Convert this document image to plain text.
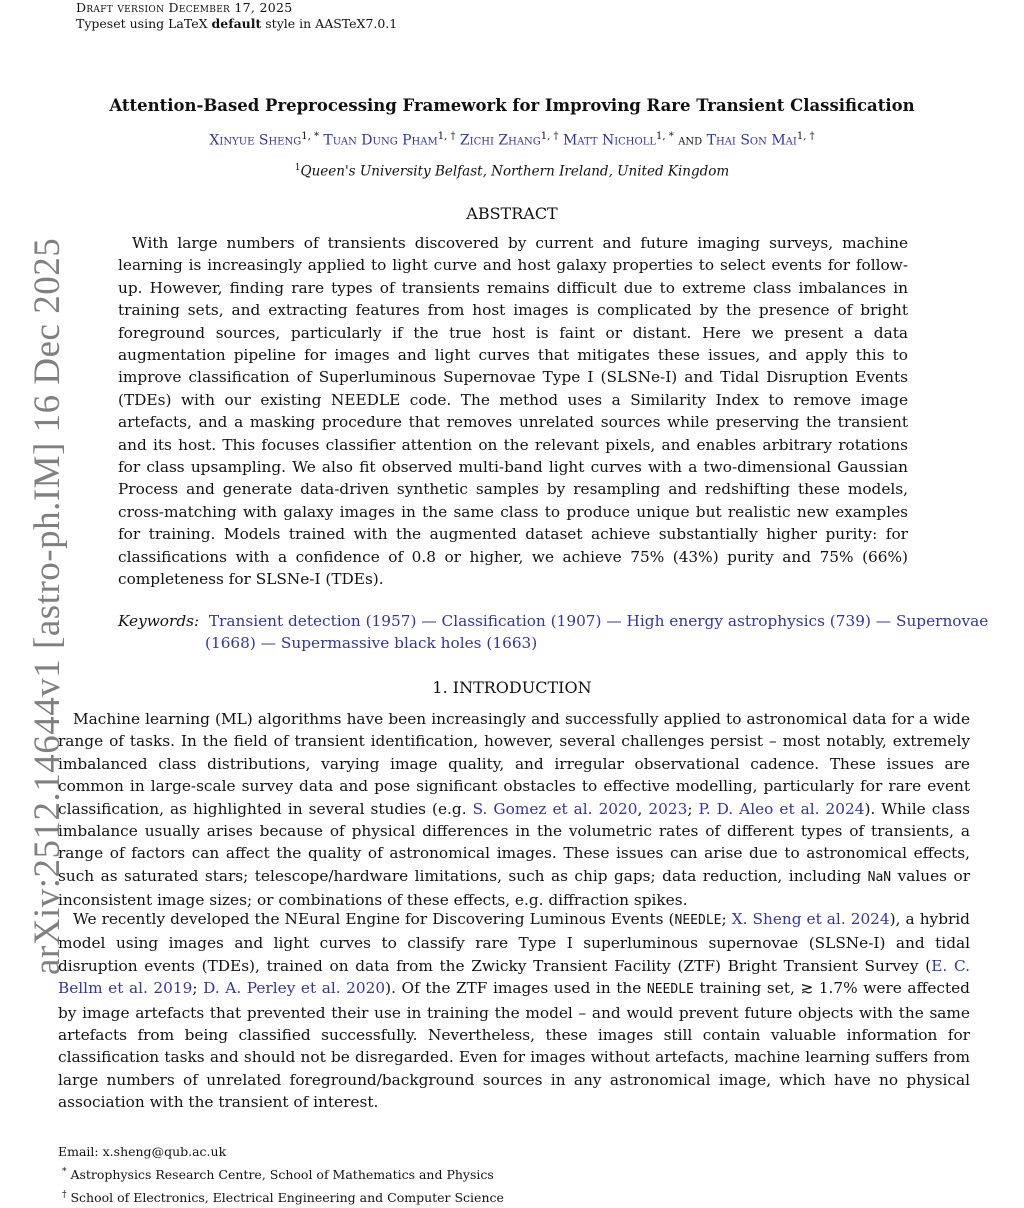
Draft version December 17, 2025
Typeset using LaTeX default style in AASTeX7.0.1
Attention-Based Preprocessing Framework for Improving Rare Transient Classification
Xinyue Sheng$^{1, *}$ Tuan Dung Pham$^{1, \dagger}$ Zichi Zhang$^{1, \dagger}$ Matt Nicholl$^{1, *}$ and Thai Son Mai$^{1, \dagger}$
$^1$Queen's University Belfast, Northern Ireland, United Kingdom
ABSTRACT

With large numbers of transients discovered by current and future imaging surveys, machine learning is increasingly applied to light curve and host galaxy properties to select events for follow-up. However, finding rare types of transients remains difficult due to extreme class imbalances in training sets, and extracting features from host images is complicated by the presence of bright foreground sources, particularly if the true host is faint or distant. Here we present a data augmentation pipeline for images and light curves that mitigates these issues, and apply this to improve classification of Superluminous Supernovae Type I (SLSNe-I) and Tidal Disruption Events (TDEs) with our existing NEEDLE code. The method uses a Similarity Index to remove image artefacts, and a masking procedure that removes unrelated sources while preserving the transient and its host. This focuses classifier attention on the relevant pixels, and enables arbitrary rotations for class upsampling. We also fit observed multi-band light curves with a two-dimensional Gaussian Process and generate data-driven synthetic samples by resampling and redshifting these models, cross-matching with galaxy images in the same class to produce unique but realistic new examples for training. Models trained with the augmented dataset achieve substantially higher purity: for classifications with a confidence of 0.8 or higher, we achieve 75% (43%) purity and 75% (66%) completeness for SLSNe-I (TDEs).

Keywords: Transient detection (1957) — Classification (1907) — High energy astrophysics (739) — Supernovae (1668) — Supermassive black holes (1663)

1. INTRODUCTION

Machine learning (ML) algorithms have been increasingly and successfully applied to astronomical data for a wide range of tasks. In the field of transient identification, however, several challenges persist – most notably, extremely imbalanced class distributions, varying image quality, and irregular observational cadence. These issues are common in large-scale survey data and pose significant obstacles to effective modelling, particularly for rare event classification, as highlighted in several studies (e.g. S. Gomez et al. 2020, 2023; P. D. Aleo et al. 2024). While class imbalance usually arises because of physical differences in the volumetric rates of different types of transients, a range of factors can affect the quality of astronomical images. These issues can arise due to astronomical effects, such as saturated stars; telescope/hardware limitations, such as chip gaps; data reduction, including NaN values or inconsistent image sizes; or combinations of these effects, e.g. diffraction spikes.

We recently developed the NEural Engine for Discovering Luminous Events (NEEDLE; X. Sheng et al. 2024), a hybrid model using images and light curves to classify rare Type I superluminous supernovae (SLSNe-I) and tidal disruption events (TDEs), trained on data from the Zwicky Transient Facility (ZTF) Bright Transient Survey (E. C. Bellm et al. 2019; D. A. Perley et al. 2020). Of the ZTF images used in the NEEDLE training set, ≳ 1.7% were affected by image artefacts that prevented their use in training the model – and would prevent future objects with the same artefacts from being classified successfully. Nevertheless, these images still contain valuable information for classification tasks and should not be disregarded. Even for images without artefacts, machine learning suffers from large numbers of unrelated foreground/background sources in any astronomical image, which have no physical association with the transient of interest.

Email: x.sheng@qub.ac.uk
* Astrophysics Research Centre, School of Mathematics and Physics
† School of Electronics, Electrical Engineering and Computer Science
arXiv:2512.14644v1 [astro-ph.IM] 16 Dec 2025
